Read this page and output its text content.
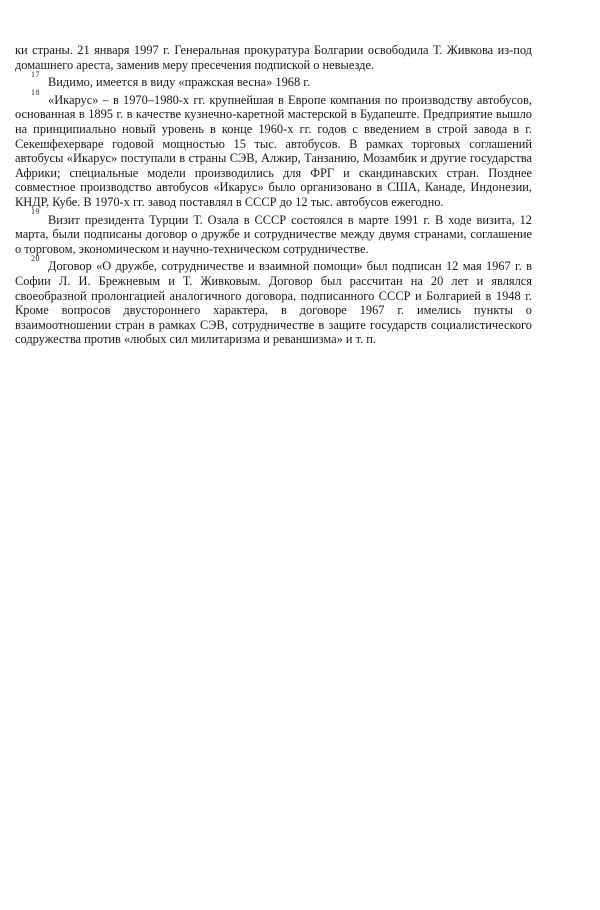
ки страны. 21 января 1997 г. Генеральная прокуратура Болгарии освободила Т. Живкова из-под домашнего ареста, заменив меру пресечения подпиской о невыезде.

$^{17}$Видимо, имеется в виду «пражская весна» 1968 г.

$^{18}$«Икарус» – в 1970–1980-х гг. крупнейшая в Европе компания по производству автобусов, основанная в 1895 г. в качестве кузнечно-каретной мастерской в Будапеште. Предприятие вышло на принципиально новый уровень в конце 1960-х гг. годов с введением в строй завода в г. Секешфехерваре годовой мощностью 15 тыс. автобусов. В рамках торговых соглашений автобусы «Икарус» поступали в страны СЭВ, Алжир, Танзанию, Мозамбик и другие государства Африки; специальные модели производились для ФРГ и скандинавских стран. Позднее совместное производство автобусов «Икарус» было организовано в США, Канаде, Индонезии, КНДР, Кубе. В 1970-х гг. завод поставлял в СССР до 12 тыс. автобусов ежегодно.

$^{19}$Визит президента Турции Т. Озала в СССР состоялся в марте 1991 г. В ходе визита, 12 марта, были подписаны договор о дружбе и сотрудничестве между двумя странами, соглашение о торговом, экономическом и научно-техническом сотрудничестве.

$^{20}$Договор «О дружбе, сотрудничестве и взаимной помощи» был подписан 12 мая 1967 г. в Софии Л. И. Брежневым и Т. Живковым. Договор был рассчитан на 20 лет и являлся своеобразной пролонгацией аналогичного договора, подписанного СССР и Болгарией в 1948 г. Кроме вопросов двустороннего характера, в договоре 1967 г. имелись пункты о взаимоотношении стран в рамках СЭВ, сотрудничестве в защите государств социалистического содружества против «любых сил милитаризма и реваншизма» и т. п.
